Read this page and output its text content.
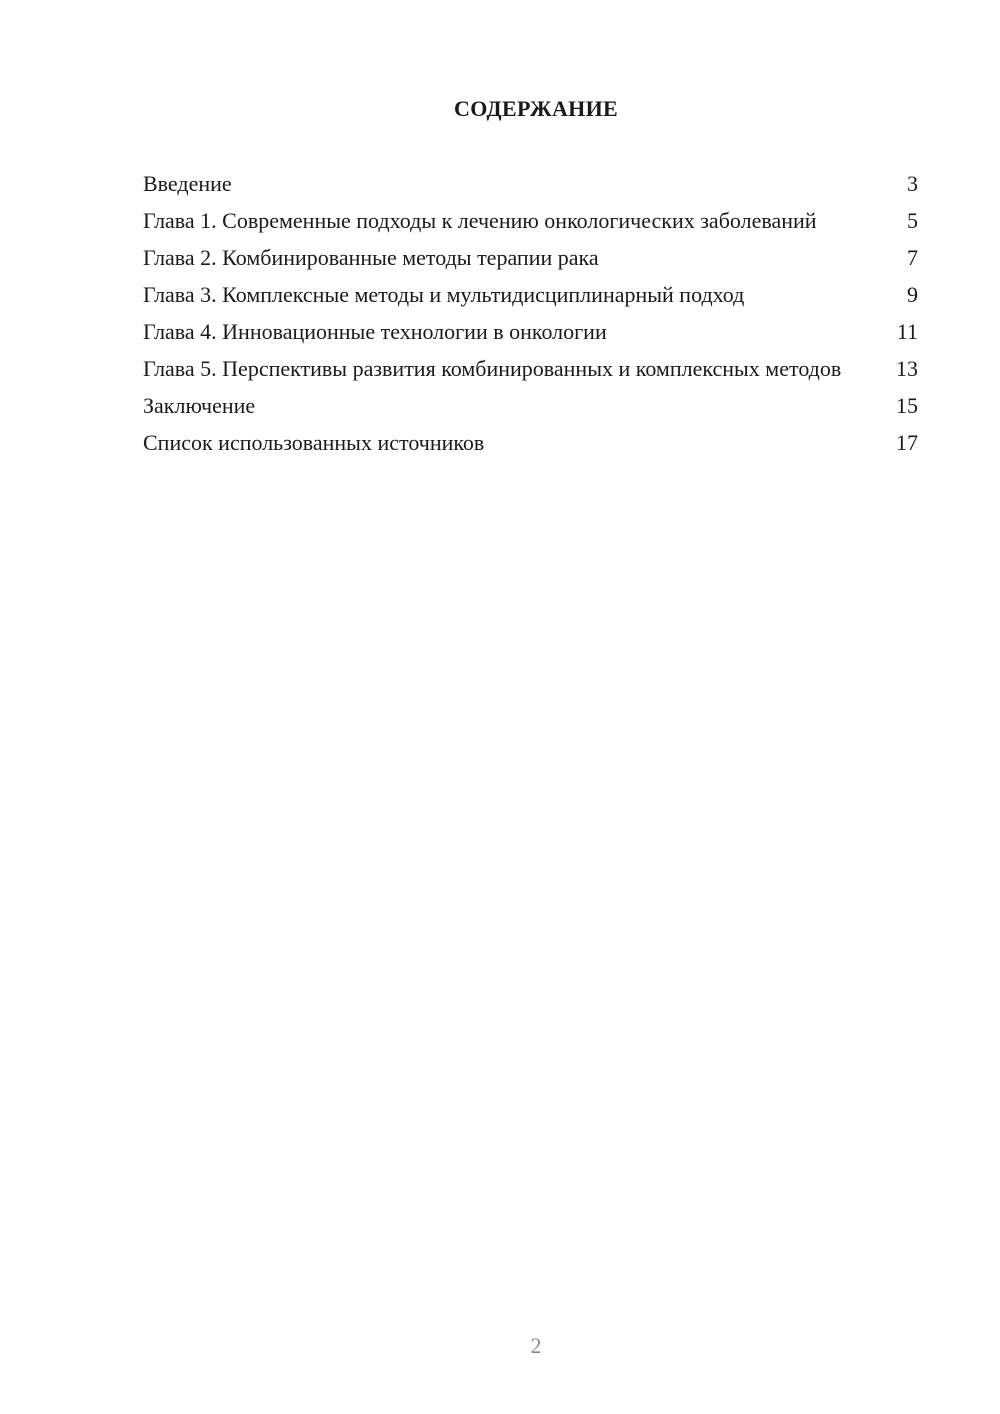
СОДЕРЖАНИЕ
Введение	3
Глава 1. Современные подходы к лечению онкологических заболеваний	5
Глава 2. Комбинированные методы терапии рака	7
Глава 3. Комплексные методы и мультидисциплинарный подход	9
Глава 4. Инновационные технологии в онкологии	11
Глава 5. Перспективы развития комбинированных и комплексных методов	13
Заключение	15
Список использованных источников	17
2
